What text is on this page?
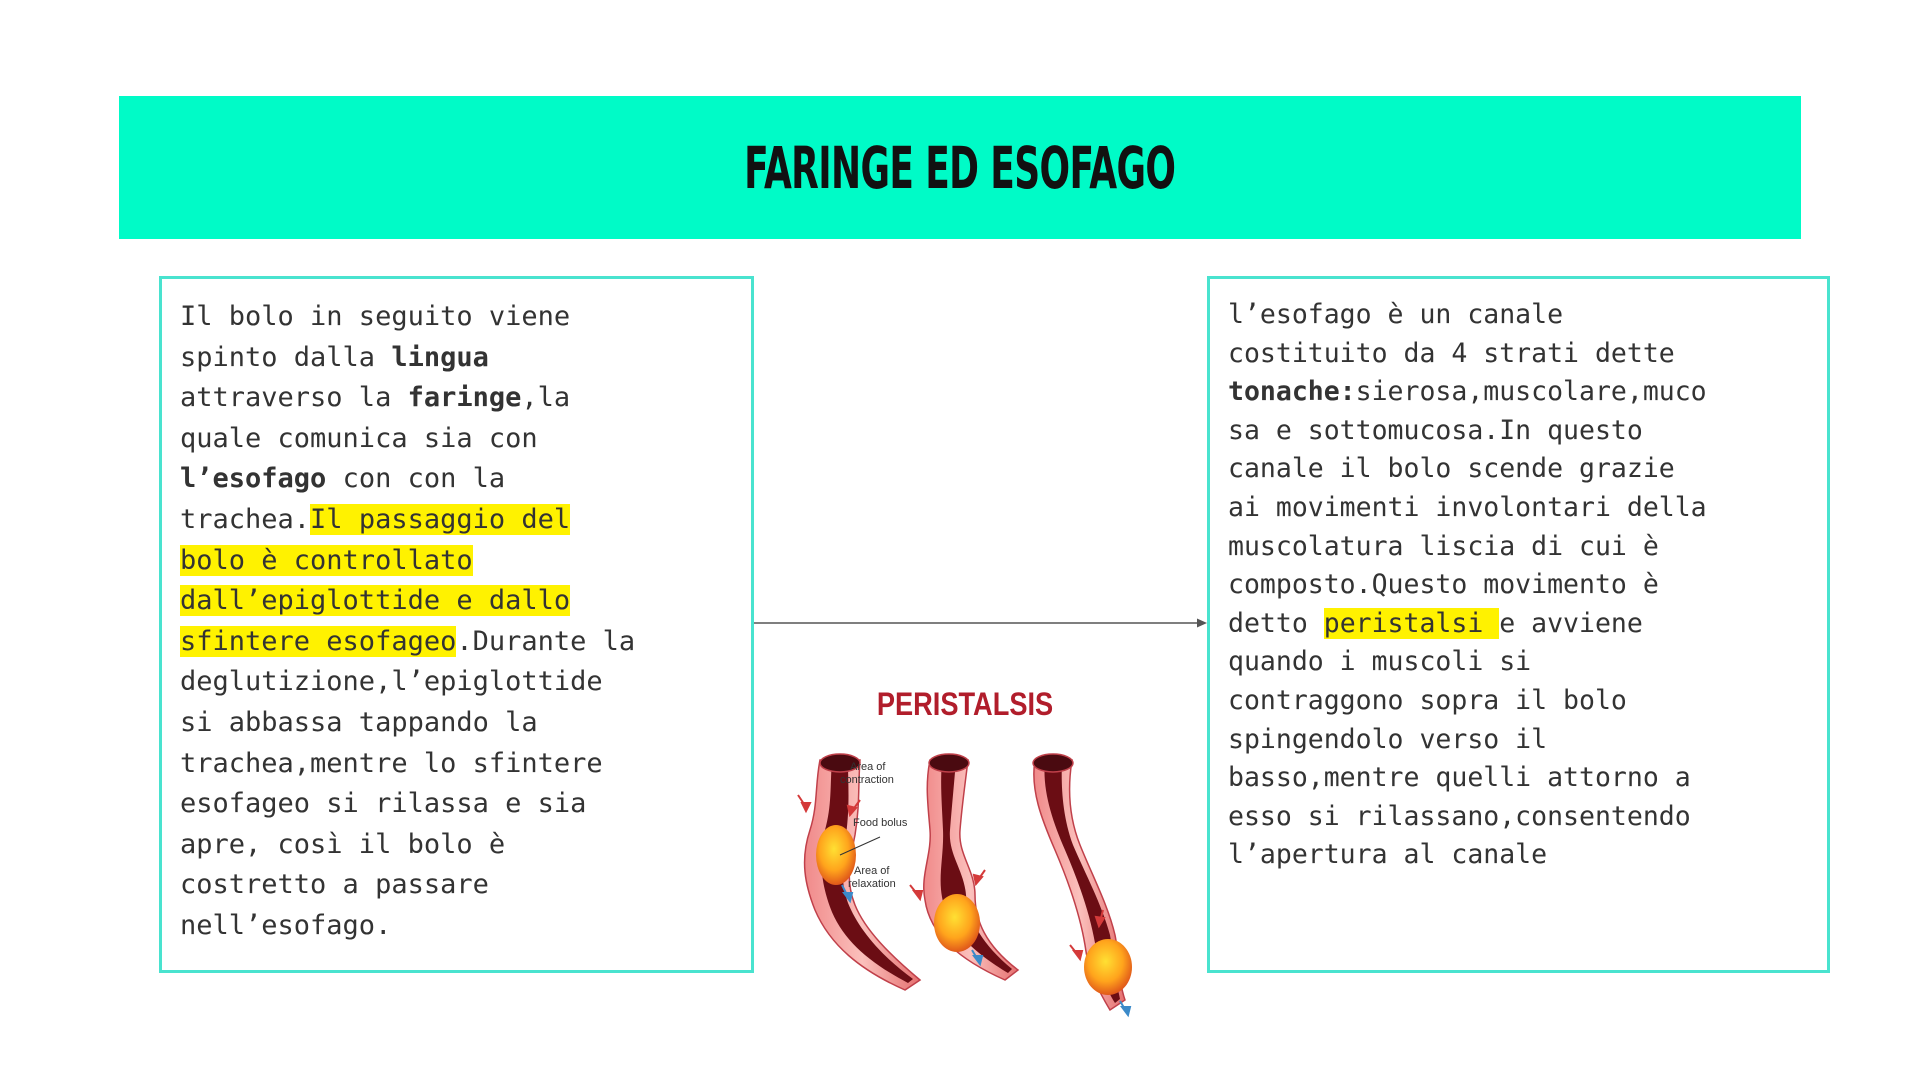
FARINGE ED ESOFAGO

Il bolo in seguito viene
spinto dalla lingua
attraverso la faringe,la
quale comunica sia con
l’esofago con con la
trachea.Il passaggio del
bolo è controllato
dall’epiglottide e dallo
sfintere esofageo.Durante la
deglutizione,l’epiglottide
si abbassa tappando la
trachea,mentre lo sfintere
esofageo si rilassa e sia
apre, così il bolo è
costretto a passare
nell’esofago.

l’esofago è un canale
costituito da 4 strati dette
tonache:sierosa,muscolare,muco
sa e sottomucosa.In questo
canale il bolo scende grazie
ai movimenti involontari della
muscolatura liscia di cui è
composto.Questo movimento è
detto peristalsi e avviene
quando i muscoli si
contraggono sopra il bolo
spingendolo verso il
basso,mentre quelli attorno a
esso si rilassano,consentendo
l’apertura al canale

PERISTALSIS
Area of
contraction
Food bolus
Area of
relaxation
